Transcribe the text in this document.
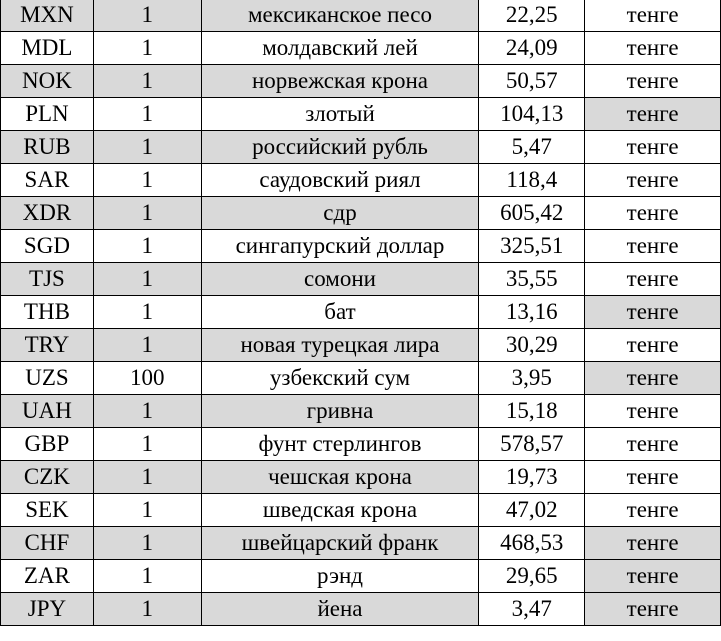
MXN	1	мексиканское песо	22,25	тенге
MDL	1	молдавский лей	24,09	тенге
NOK	1	норвежская крона	50,57	тенге
PLN	1	злотый	104,13	тенге
RUB	1	российский рубль	5,47	тенге
SAR	1	саудовский риял	118,4	тенге
XDR	1	сдр	605,42	тенге
SGD	1	сингапурский доллар	325,51	тенге
TJS	1	сомони	35,55	тенге
THB	1	бат	13,16	тенге
TRY	1	новая турецкая лира	30,29	тенге
UZS	100	узбекский сум	3,95	тенге
UAH	1	гривна	15,18	тенге
GBP	1	фунт стерлингов	578,57	тенге
CZK	1	чешская крона	19,73	тенге
SEK	1	шведская крона	47,02	тенге
CHF	1	швейцарский франк	468,53	тенге
ZAR	1	рэнд	29,65	тенге
JPY	1	йена	3,47	тенге
